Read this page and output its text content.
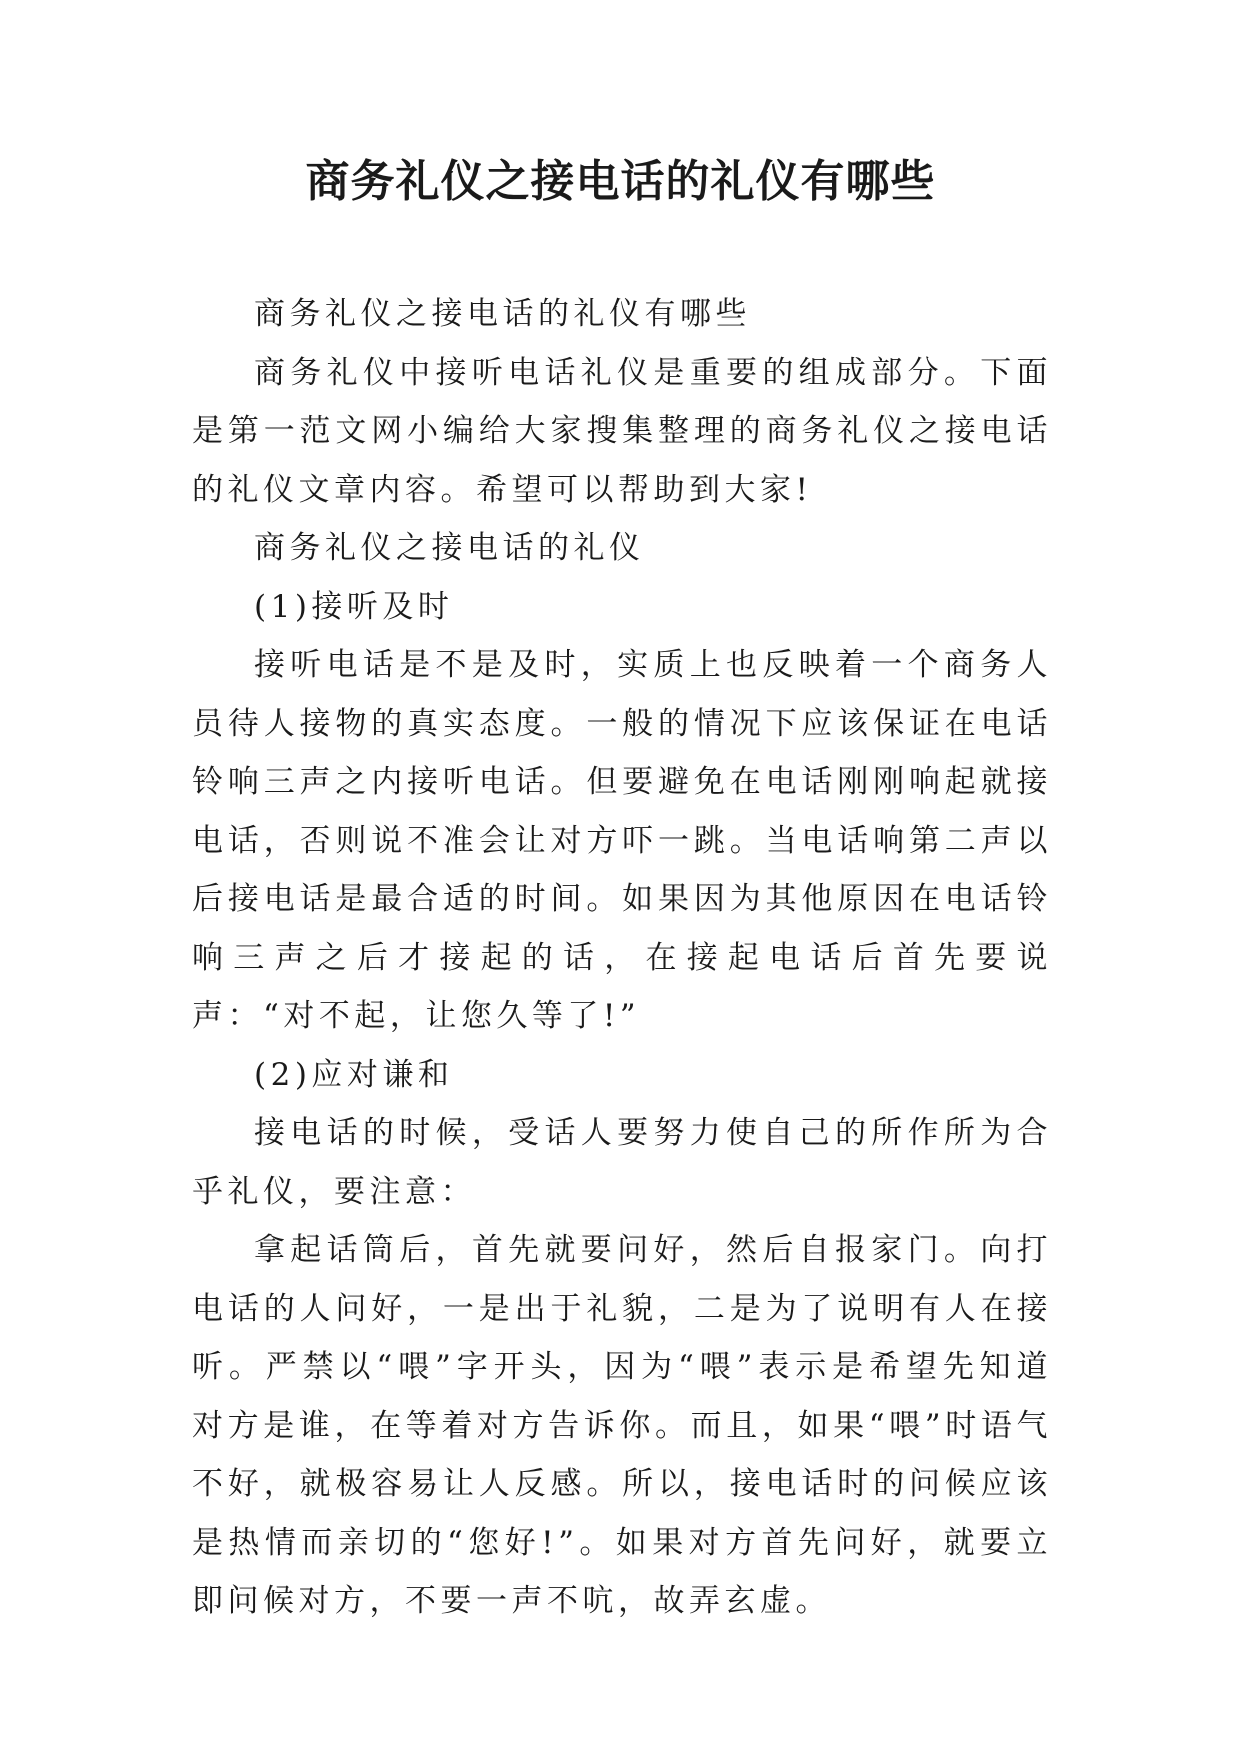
商务礼仪之接电话的礼仪有哪些

商务礼仪之接电话的礼仪有哪些

商务礼仪中接听电话礼仪是重要的组成部分。下面是第一范文网小编给大家搜集整理的商务礼仪之接电话的礼仪文章内容。希望可以帮助到大家!

商务礼仪之接电话的礼仪

(1)接听及时

接听电话是不是及时，实质上也反映着一个商务人员待人接物的真实态度。一般的情况下应该保证在电话铃响三声之内接听电话。但要避免在电话刚刚响起就接电话，否则说不准会让对方吓一跳。当电话响第二声以后接电话是最合适的时间。如果因为其他原因在电话铃响三声之后才接起的话，在接起电话后首先要说声：“对不起，让您久等了!”

(2)应对谦和

接电话的时候，受话人要努力使自己的所作所为合乎礼仪，要注意：

拿起话筒后，首先就要问好，然后自报家门。向打电话的人问好，一是出于礼貌，二是为了说明有人在接听。严禁以“喂”字开头，因为“喂”表示是希望先知道对方是谁，在等着对方告诉你。而且，如果“喂”时语气不好，就极容易让人反感。所以，接电话时的问候应该是热情而亲切的“您好!”。如果对方首先问好，就要立即问候对方，不要一声不吭，故弄玄虚。
